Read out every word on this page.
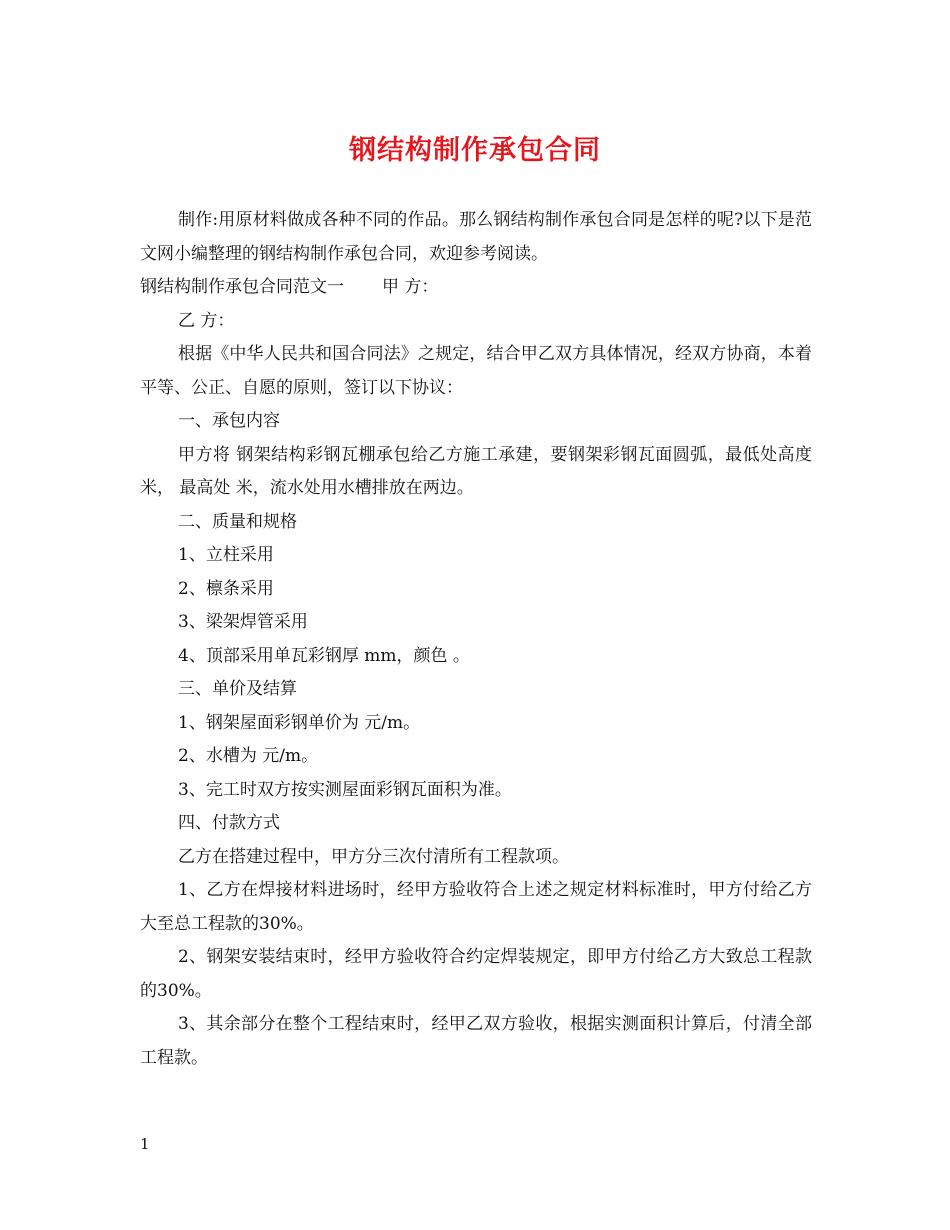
钢结构制作承包合同

制作:用原材料做成各种不同的作品。那么钢结构制作承包合同是怎样的呢?以下是范文网小编整理的钢结构制作承包合同，欢迎参考阅读。

钢结构制作承包合同范文一 甲 方：

乙 方：

根据《中华人民共和国合同法》之规定，结合甲乙双方具体情况，经双方协商，本着平等、公正、自愿的原则，签订以下协议：

一、承包内容

甲方将 钢架结构彩钢瓦棚承包给乙方施工承建，要钢架彩钢瓦面圆弧，最低处高度 米， 最高处 米，流水处用水槽排放在两边。

二、质量和规格

1、立柱采用

2、檩条采用

3、梁架焊管采用

4、顶部采用单瓦彩钢厚 mm，颜色 。

三、单价及结算

1、钢架屋面彩钢单价为 元/m。

2、水槽为 元/m。

3、完工时双方按实测屋面彩钢瓦面积为准。

四、付款方式

乙方在搭建过程中，甲方分三次付清所有工程款项。

1、乙方在焊接材料进场时，经甲方验收符合上述之规定材料标准时，甲方付给乙方大至总工程款的30%。

2、钢架安装结束时，经甲方验收符合约定焊装规定，即甲方付给乙方大致总工程款的30%。

3、其余部分在整个工程结束时，经甲乙双方验收，根据实测面积计算后，付清全部工程款。

1
